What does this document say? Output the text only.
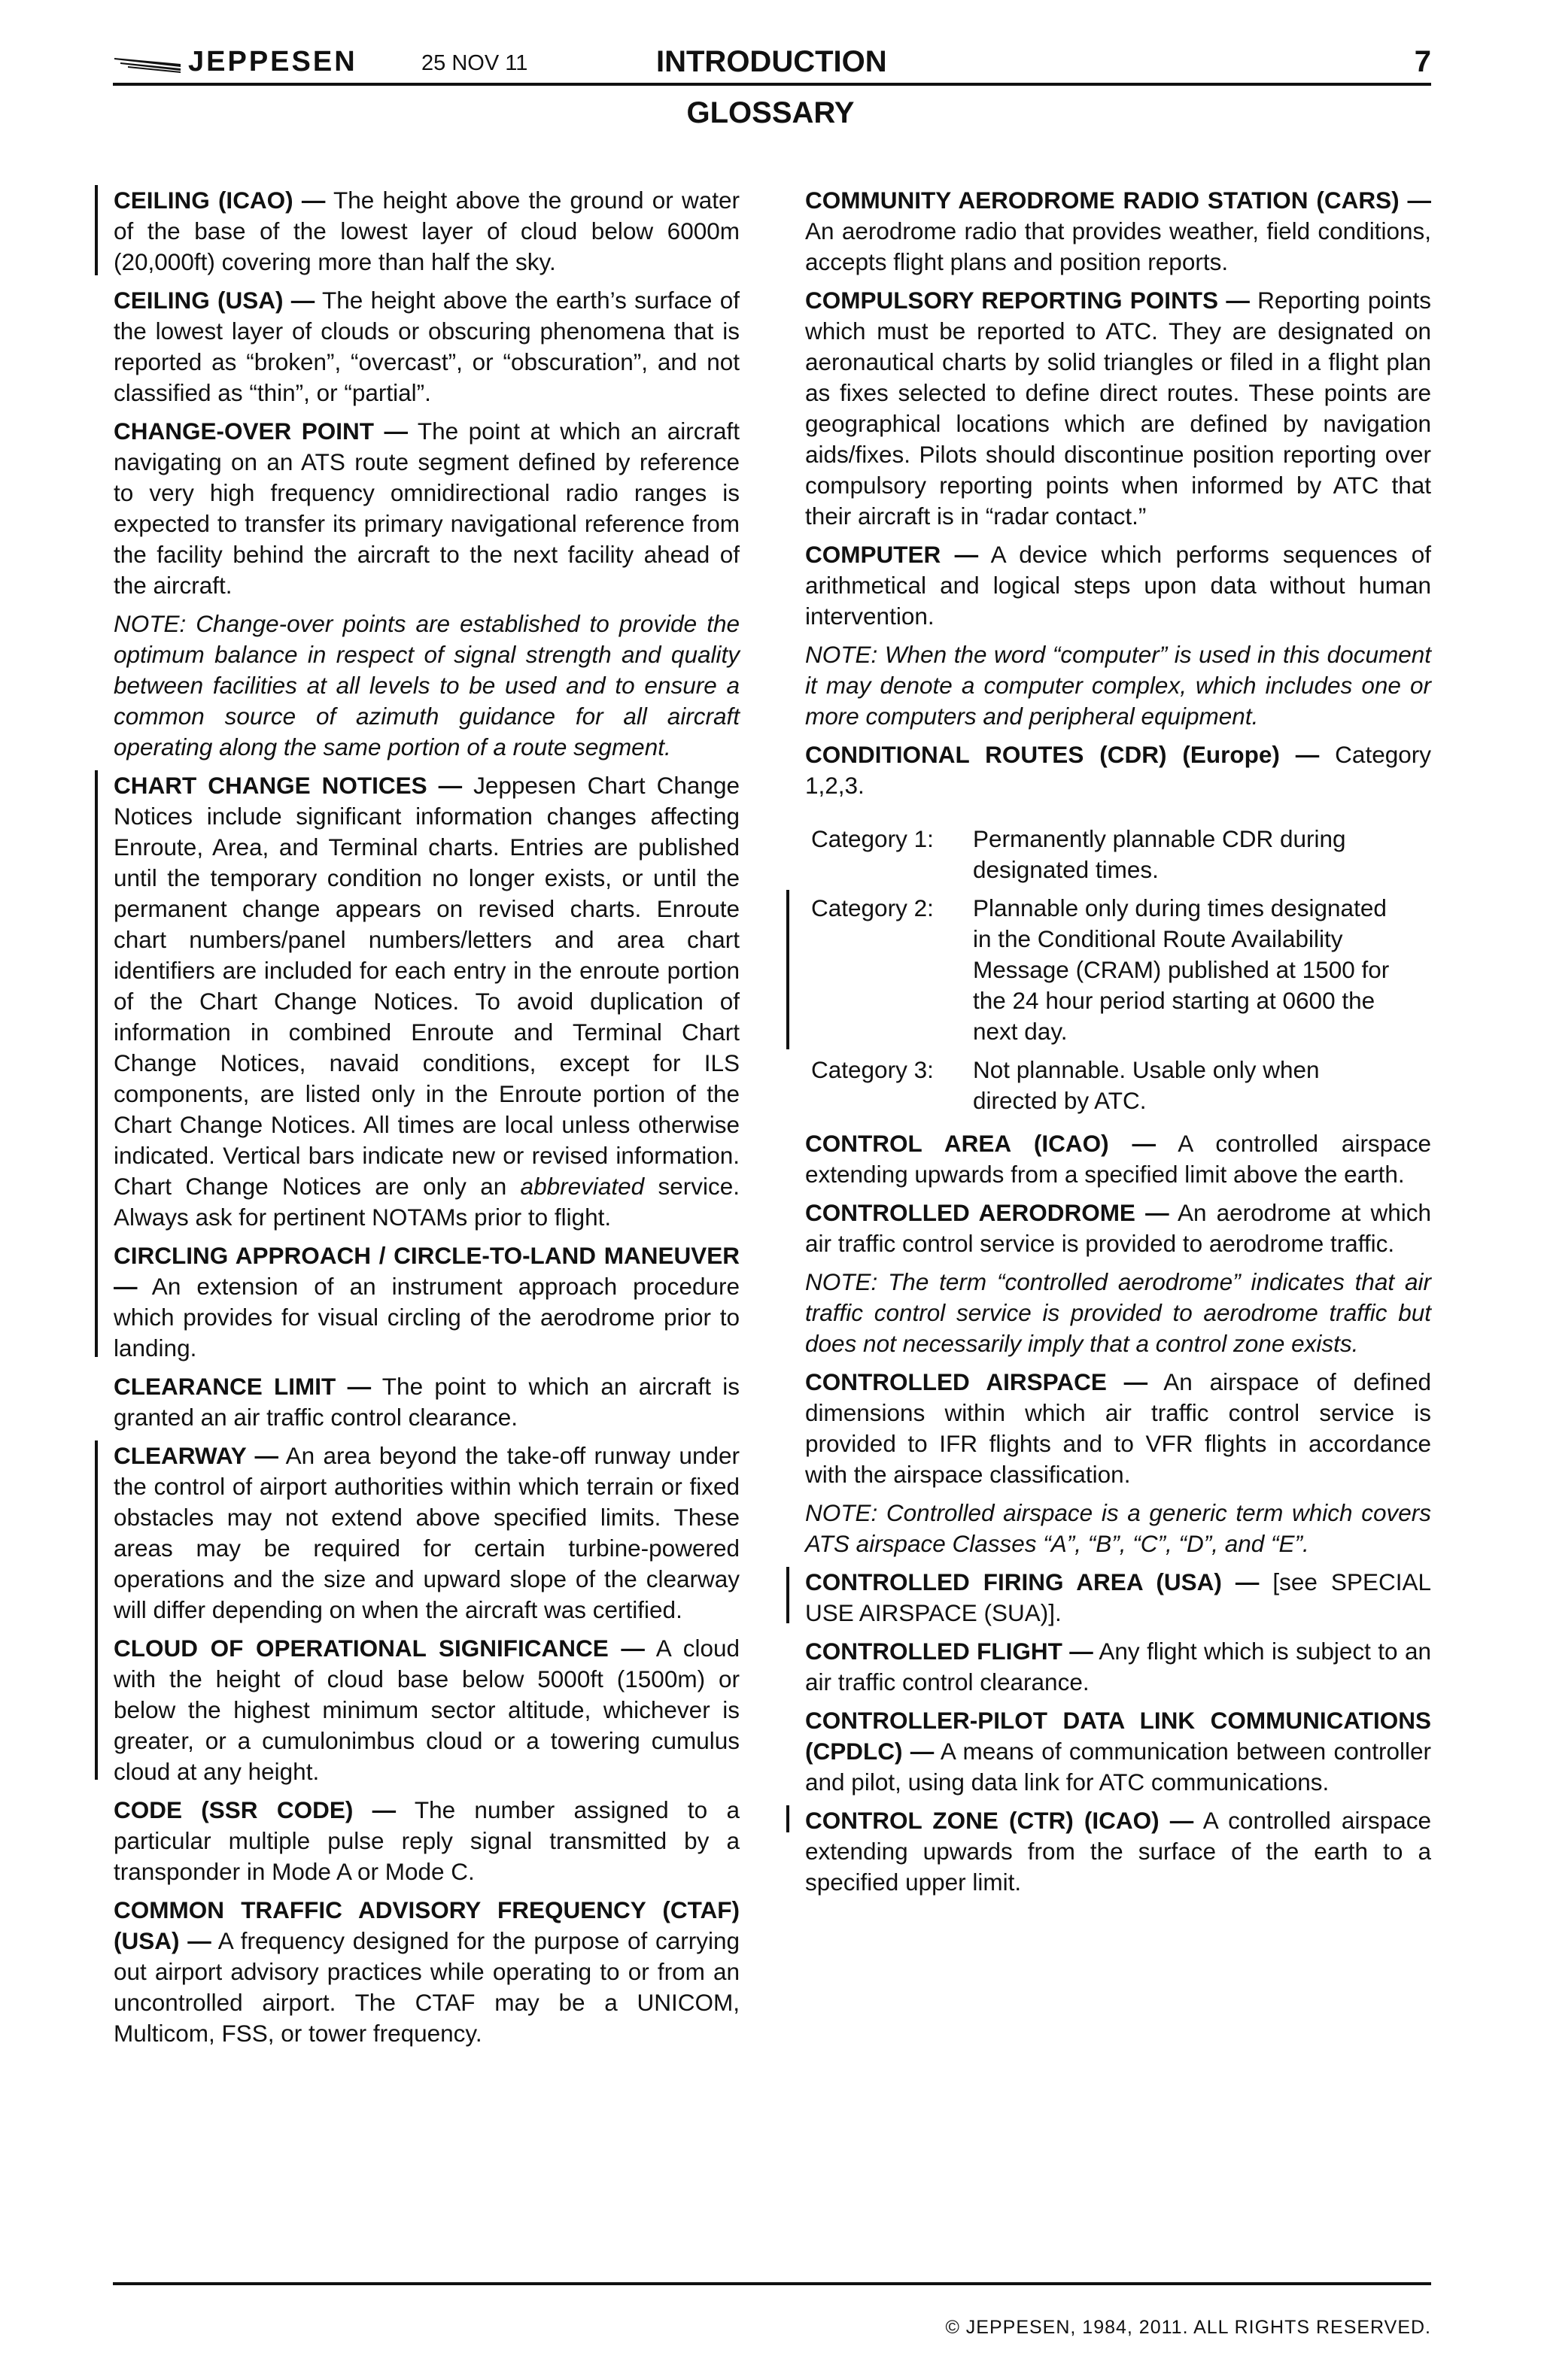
JEPPESEN	25 NOV 11	INTRODUCTION	7
GLOSSARY

CEILING (ICAO) — The height above the ground or water of the base of the lowest layer of cloud below 6000m (20,000ft) covering more than half the sky.

CEILING (USA) — The height above the earth’s surface of the lowest layer of clouds or obscuring phenomena that is reported as “broken”, “overcast”, or “obscuration”, and not classified as “thin”, or “partial”.

CHANGE-OVER POINT — The point at which an aircraft navigating on an ATS route segment defined by reference to very high frequency omnidirectional radio ranges is expected to transfer its primary navigational reference from the facility behind the aircraft to the next facility ahead of the aircraft.

NOTE: Change-over points are established to provide the optimum balance in respect of signal strength and quality between facilities at all levels to be used and to ensure a common source of azimuth guidance for all aircraft operating along the same portion of a route segment.

CHART CHANGE NOTICES — Jeppesen Chart Change Notices include significant information changes affecting Enroute, Area, and Terminal charts. Entries are published until the temporary condition no longer exists, or until the permanent change appears on revised charts. Enroute chart numbers/panel numbers/letters and area chart identifiers are included for each entry in the enroute portion of the Chart Change Notices. To avoid duplication of information in combined Enroute and Terminal Chart Change Notices, navaid conditions, except for ILS components, are listed only in the Enroute portion of the Chart Change Notices. All times are local unless otherwise indicated. Vertical bars indicate new or revised information. Chart Change Notices are only an abbreviated service. Always ask for pertinent NOTAMs prior to flight.

CIRCLING APPROACH / CIRCLE-TO-LAND MANEUVER — An extension of an instrument approach procedure which provides for visual circling of the aerodrome prior to landing.

CLEARANCE LIMIT — The point to which an aircraft is granted an air traffic control clearance.

CLEARWAY — An area beyond the take-off runway under the control of airport authorities within which terrain or fixed obstacles may not extend above specified limits. These areas may be required for certain turbine-powered operations and the size and upward slope of the clearway will differ depending on when the aircraft was certified.

CLOUD OF OPERATIONAL SIGNIFICANCE — A cloud with the height of cloud base below 5000ft (1500m) or below the highest minimum sector altitude, whichever is greater, or a cumulonimbus cloud or a towering cumulus cloud at any height.

CODE (SSR CODE) — The number assigned to a particular multiple pulse reply signal transmitted by a transponder in Mode A or Mode C.

COMMON TRAFFIC ADVISORY FREQUENCY (CTAF) (USA) — A frequency designed for the purpose of carrying out airport advisory practices while operating to or from an uncontrolled airport. The CTAF may be a UNICOM, Multicom, FSS, or tower frequency.

COMMUNITY AERODROME RADIO STATION (CARS) — An aerodrome radio that provides weather, field conditions, accepts flight plans and position reports.

COMPULSORY REPORTING POINTS — Reporting points which must be reported to ATC. They are designated on aeronautical charts by solid triangles or filed in a flight plan as fixes selected to define direct routes. These points are geographical locations which are defined by navigation aids/fixes. Pilots should discontinue position reporting over compulsory reporting points when informed by ATC that their aircraft is in “radar contact.”

COMPUTER — A device which performs sequences of arithmetical and logical steps upon data without human intervention.

NOTE: When the word “computer” is used in this document it may denote a computer complex, which includes one or more computers and peripheral equipment.

CONDITIONAL ROUTES (CDR) (Europe) — Category 1,2,3.

Category 1:	Permanently plannable CDR during designated times.
Category 2:	Plannable only during times designated in the Conditional Route Availability Message (CRAM) published at 1500 for the 24 hour period starting at 0600 the next day.
Category 3:	Not plannable. Usable only when directed by ATC.

CONTROL AREA (ICAO) — A controlled airspace extending upwards from a specified limit above the earth.

CONTROLLED AERODROME — An aerodrome at which air traffic control service is provided to aerodrome traffic.

NOTE: The term “controlled aerodrome” indicates that air traffic control service is provided to aerodrome traffic but does not necessarily imply that a control zone exists.

CONTROLLED AIRSPACE — An airspace of defined dimensions within which air traffic control service is provided to IFR flights and to VFR flights in accordance with the airspace classification.

NOTE: Controlled airspace is a generic term which covers ATS airspace Classes “A”, “B”, “C”, “D”, and “E”.

CONTROLLED FIRING AREA (USA) — [see SPECIAL USE AIRSPACE (SUA)].

CONTROLLED FLIGHT — Any flight which is subject to an air traffic control clearance.

CONTROLLER-PILOT DATA LINK COMMUNICATIONS (CPDLC) — A means of communication between controller and pilot, using data link for ATC communications.

CONTROL ZONE (CTR) (ICAO) — A controlled airspace extending upwards from the surface of the earth to a specified upper limit.

© JEPPESEN, 1984, 2011. ALL RIGHTS RESERVED.
